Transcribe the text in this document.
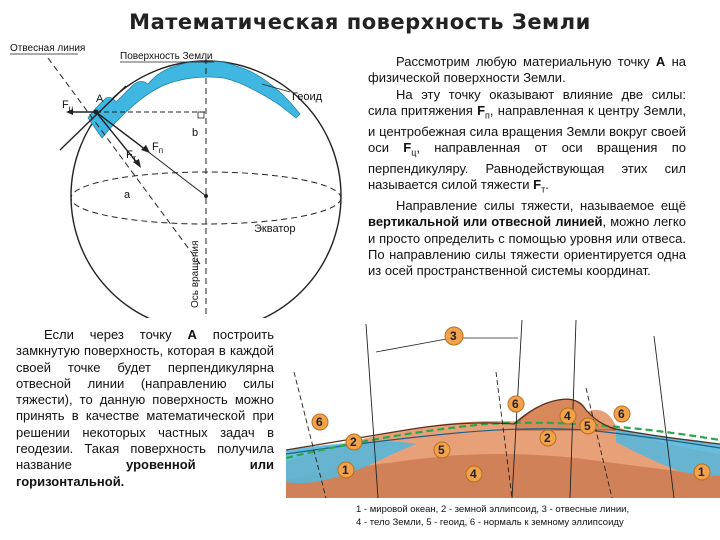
Математическая поверхность Земли
Отвесная линия
Поверхность Земли
Геоид
A
$F_ц$
$F_п$
$F_т$
b
a
Экватор
Ось вращения

Рассмотрим любую материальную точку А на физической поверхности Земли.

На эту точку оказывают влияние две силы: сила притяжения $F_п$, направленная к центру Земли, и центробежная сила вращения Земли вокруг своей оси $F_ц$, направленная от оси вращения по перпендикуляру. Равнодействующая этих сил называется силой тяжести $F_т$.

Направление силы тяжести, называемое ещё вертикальной или отвесной линией, можно легко и просто определить с помощью уровня или отвеса. По направлению силы тяжести ориентируется одна из осей пространственной системы координат.

Если через точку А построить замкнутую поверхность, которая в каждой своей точке будет перпендикулярна отвесной линии (направлению силы тяжести), то данную поверхность можно принять в качестве математической при решении некоторых частных задач в геодезии. Такая поверхность получила название уровенной или горизонтальной.

3
6
6
6
2	2
4
4
5
5
1	1
1 - мировой океан, 2 - земной эллипсоид, 3 - отвесные линии,
4 - тело Земли, 5 - геоид, 6 - нормаль к земному эллипсоиду
